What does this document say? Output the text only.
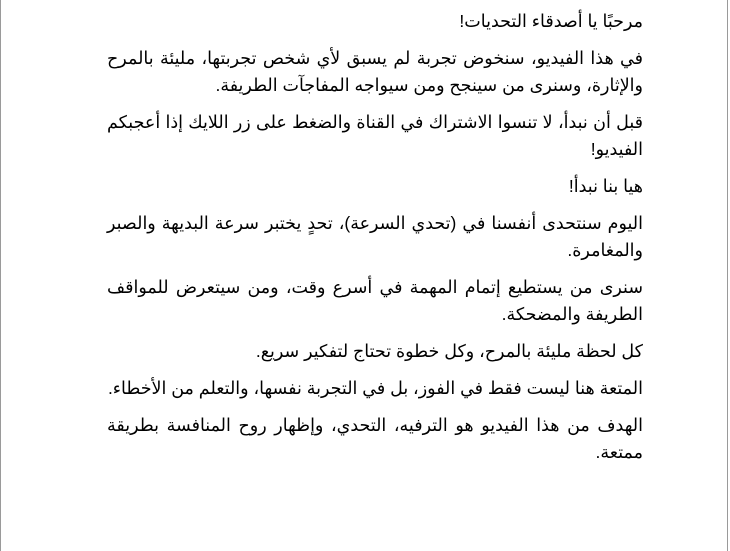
مرحبًا يا أصدقاء التحديات!

في هذا الفيديو، سنخوض تجربة لم يسبق لأي شخص تجربتها، مليئة بالمرح والإثارة، وسنرى من سينجح ومن سيواجه المفاجآت الطريفة.

قبل أن نبدأ، لا تنسوا الاشتراك في القناة والضغط على زر اللايك إذا أعجبكم الفيديو!

هيا بنا نبدأ!

اليوم سنتحدى أنفسنا في (تحدي السرعة)، تحدٍ يختبر سرعة البديهة والصبر والمغامرة.

سنرى من يستطيع إتمام المهمة في أسرع وقت، ومن سيتعرض للمواقف الطريفة والمضحكة.

كل لحظة مليئة بالمرح، وكل خطوة تحتاج لتفكير سريع.

المتعة هنا ليست فقط في الفوز، بل في التجربة نفسها، والتعلم من الأخطاء.

الهدف من هذا الفيديو هو الترفيه، التحدي، وإظهار روح المنافسة بطريقة ممتعة.
